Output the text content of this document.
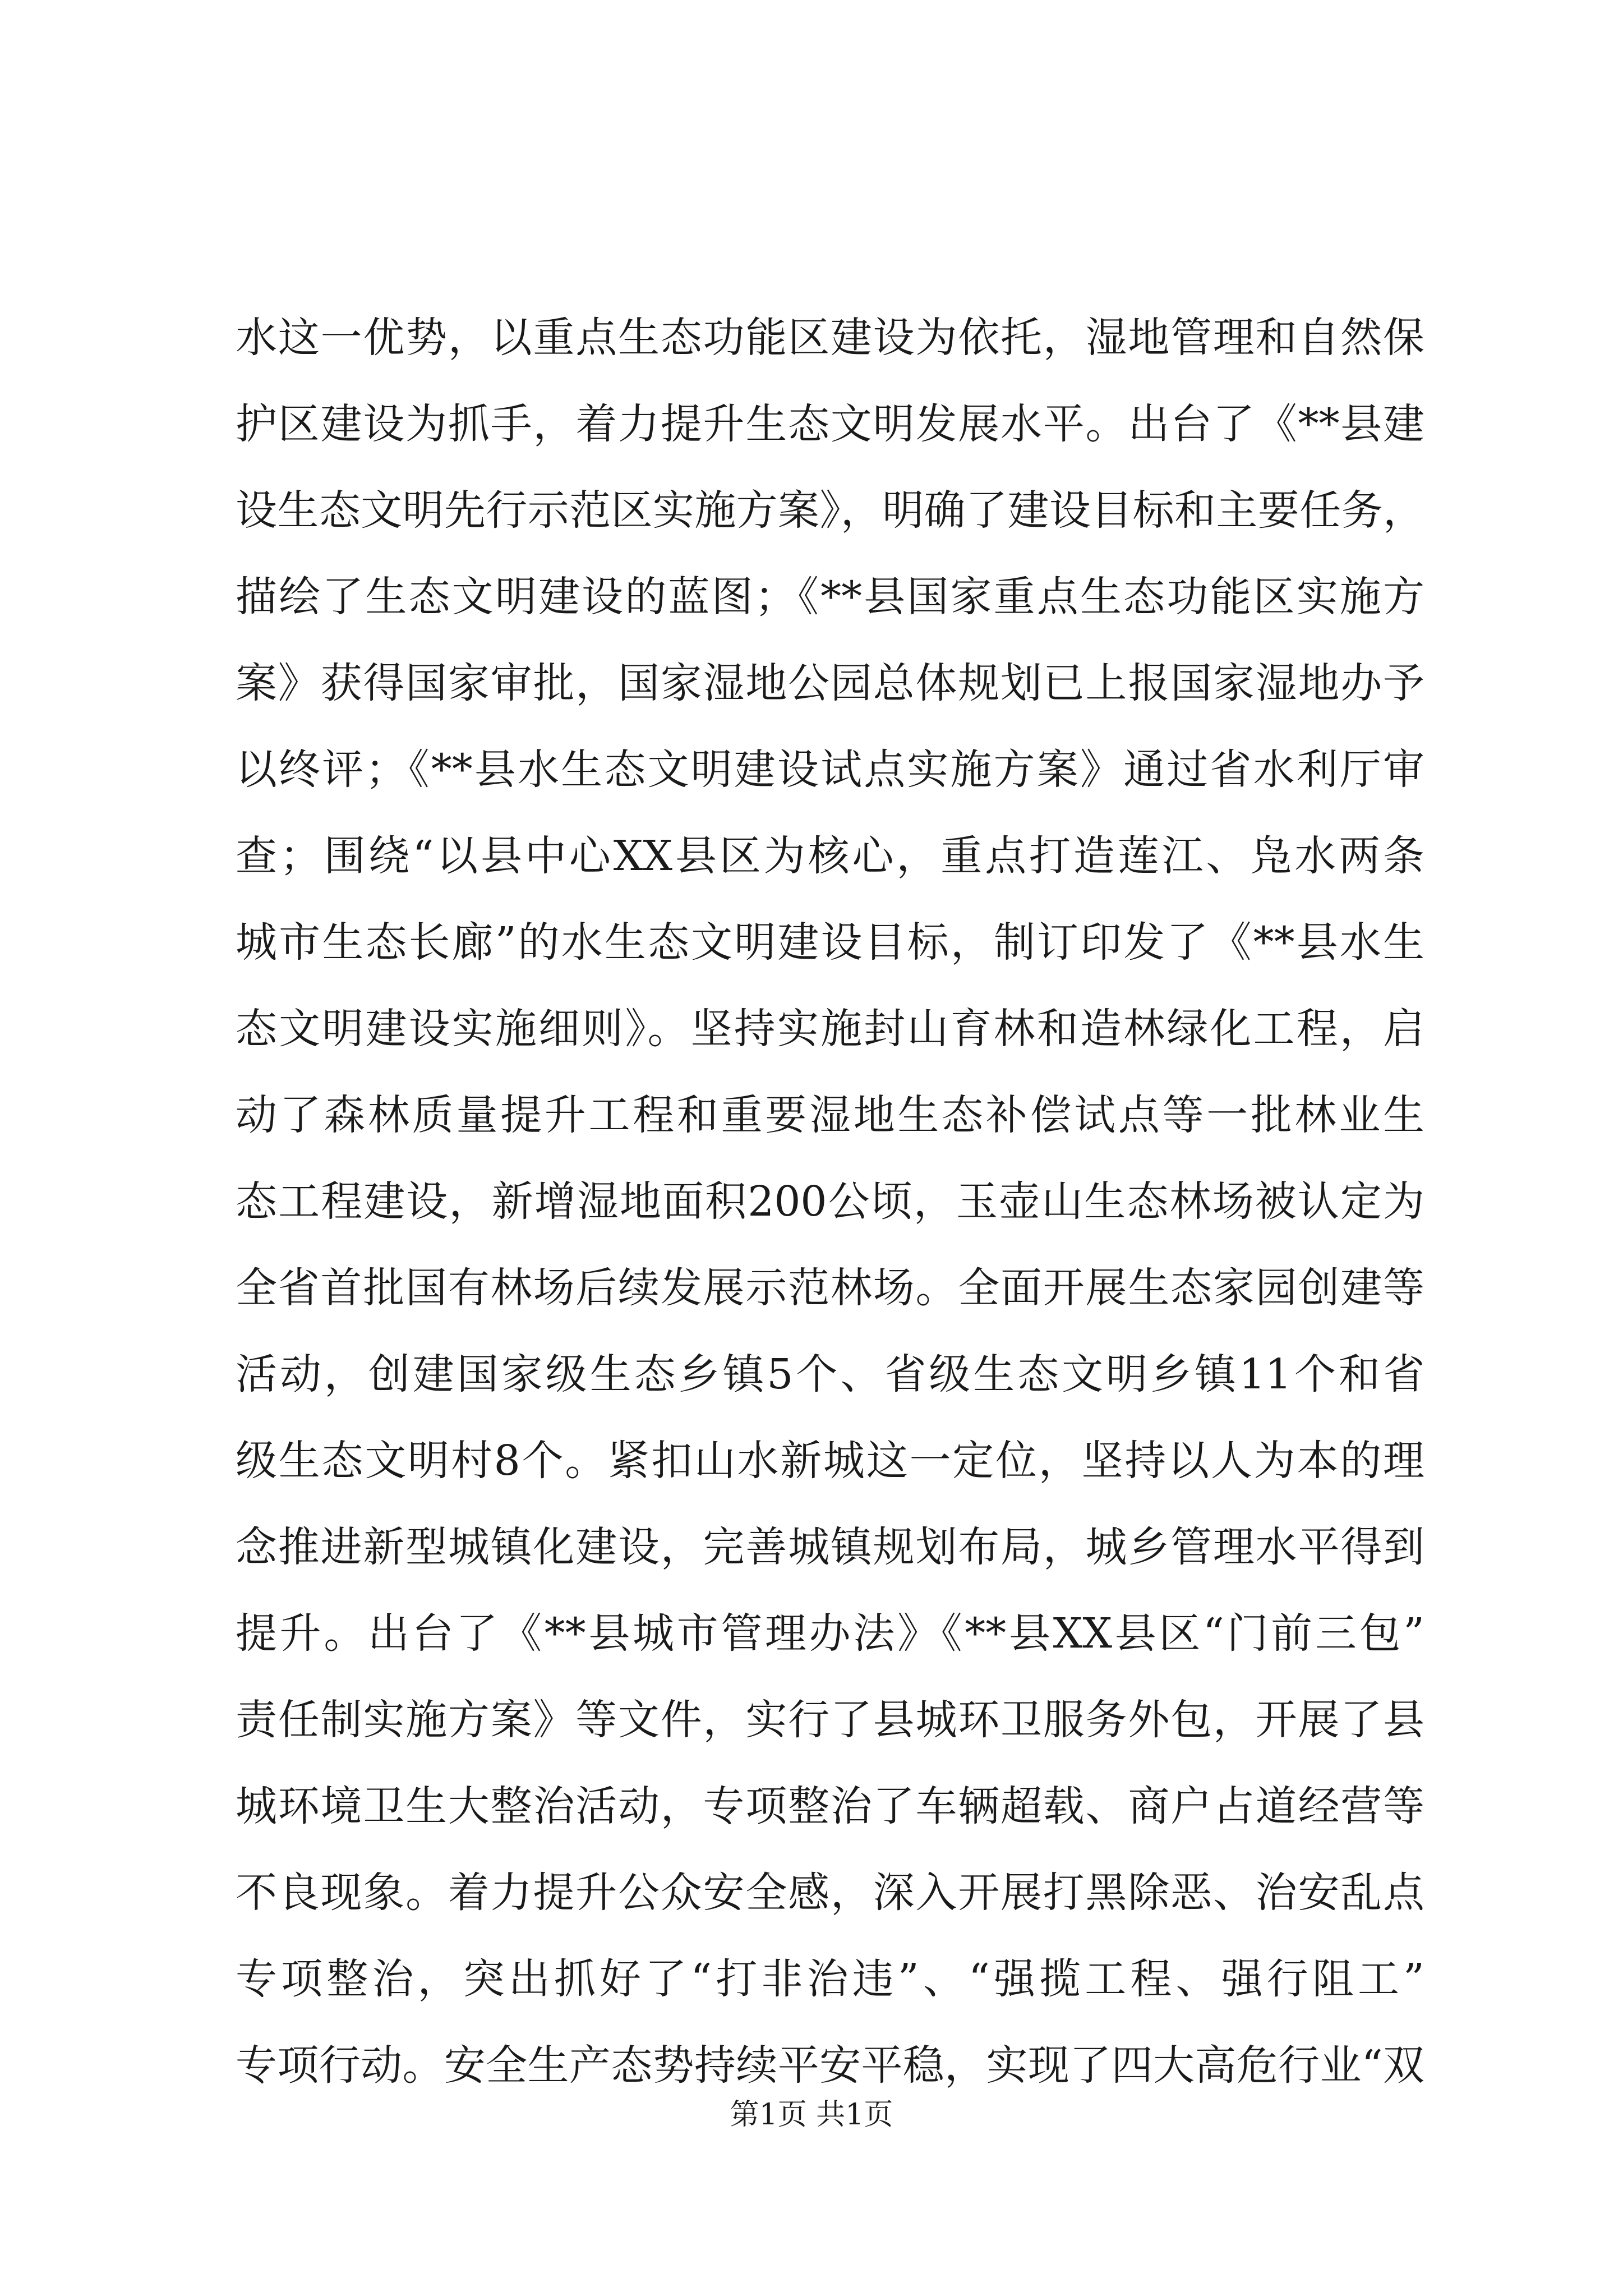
水这一优势，以重点生态功能区建设为依托，湿地管理和自然保
护区建设为抓手，着力提升生态文明发展水平。出台了《**县建
设生态文明先行示范区实施方案》，明确了建设目标和主要任务，
描绘了生态文明建设的蓝图；《**县国家重点生态功能区实施方
案》获得国家审批，国家湿地公园总体规划已上报国家湿地办予
以终评；《**县水生态文明建设试点实施方案》通过省水利厅审
查；围绕“以县中心XX县区为核心，重点打造莲江、凫水两条
城市生态长廊”的水生态文明建设目标，制订印发了《**县水生
态文明建设实施细则》。坚持实施封山育林和造林绿化工程，启
动了森林质量提升工程和重要湿地生态补偿试点等一批林业生
态工程建设，新增湿地面积200公顷，玉壶山生态林场被认定为
全省首批国有林场后续发展示范林场。全面开展生态家园创建等
活动，创建国家级生态乡镇5个、省级生态文明乡镇11个和省
级生态文明村8个。紧扣山水新城这一定位，坚持以人为本的理
念推进新型城镇化建设，完善城镇规划布局，城乡管理水平得到
提升。出台了《**县城市管理办法》《**县XX县区“门前三包”
责任制实施方案》等文件，实行了县城环卫服务外包，开展了县
城环境卫生大整治活动，专项整治了车辆超载、商户占道经营等
不良现象。着力提升公众安全感，深入开展打黑除恶、治安乱点
专项整治，突出抓好了“打非治违”、“强揽工程、强行阻工”
专项行动。安全生产态势持续平安平稳，实现了四大高危行业“双
第1页 共1页
